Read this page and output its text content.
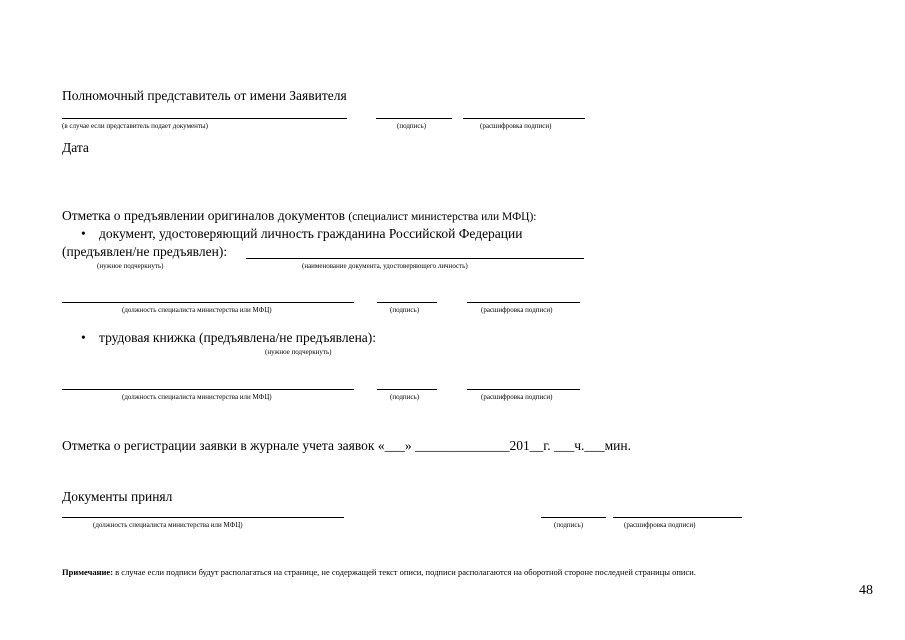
Полномочный представитель от имени Заявителя
(в случае если представитель подает документы)	(подпись)	(расшифровка подписи)
Дата
Отметка о предъявлении оригиналов документов (специалист министерства или МФЦ):
• документ, удостоверяющий личность гражданина Российской Федерации
(предъявлен/не предъявлен):
(нужное подчеркнуть)	(наименование документа, удостоверяющего личность)
(должность специалиста министерства или МФЦ)	(подпись)	(расшифровка подписи)
• трудовая книжка (предъявлена/не предъявлена):
(нужное подчеркнуть)
(должность специалиста министерства или МФЦ)	(подпись)	(расшифровка подписи)
Отметка о регистрации заявки в журнале учета заявок «___» ______________201__г. ___ч.___мин.
Документы принял
(должность специалиста министерства или МФЦ)	(подпись)	(расшифровка подписи)
Примечание: в случае если подписи будут располагаться на странице, не содержащей текст описи, подписи располагаются на оборотной стороне последней страницы описи.
48
